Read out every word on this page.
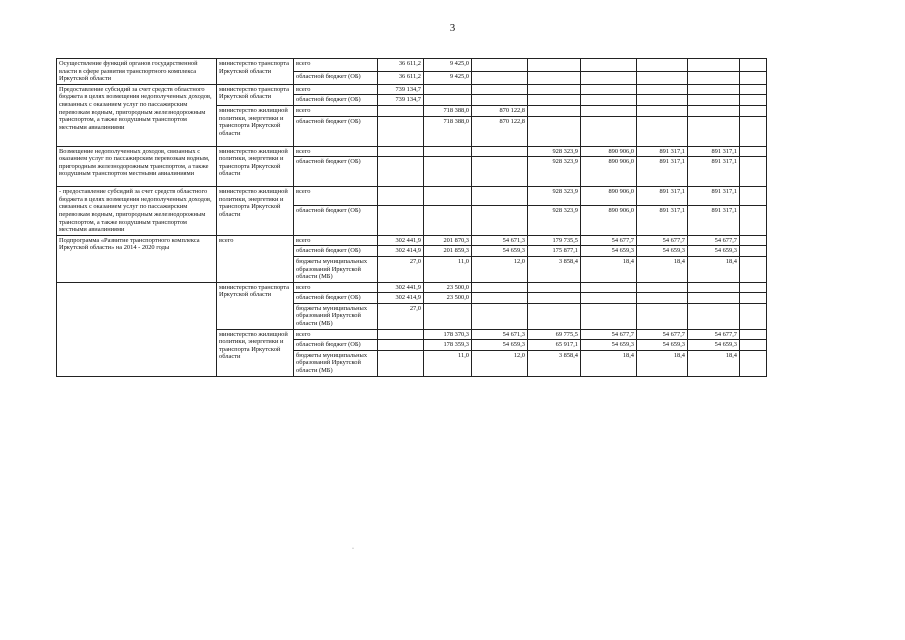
3
Осуществление функций органов государственной власти в сфере развития транспортного комплекса Иркутской области	министерство транспорта Иркутской области	всего	36 611,2	9 425,0						
		областной бюджет (ОБ)	36 611,2	9 425,0						
Предоставление субсидий за счет средств областного бюджета в целях возмещения недополученных доходов, связанных с оказанием услуг по пассажирским перевозкам водным, пригородным железнодорожным транспортом, а также воздушным транспортом местными авиалиниями	министерство транспорта Иркутской области	всего	739 134,7							
		областной бюджет (ОБ)	739 134,7							
	министерство жилищной политики, энергетики и транспорта Иркутской области	всего		718 388,0	870 122,8					
		областной бюджет (ОБ)		718 388,0	870 122,8					
Возмещение недополученных доходов, связанных с оказанием услуг по пассажирским перевозкам водным, пригородным железнодорожным транспортом, а также воздушным транспортом местными авиалиниями	министерство жилищной политики, энергетики и транспорта Иркутской области	всего				928 323,9	890 906,0	891 317,1	891 317,1	
		областной бюджет (ОБ)				928 323,9	890 906,0	891 317,1	891 317,1	
- предоставление субсидий за счет средств областного бюджета в целях возмещения недополученных доходов, связанных с оказанием услуг по пассажирским перевозкам водным, пригородным железнодорожным транспортом, а также воздушным транспортом местными авиалиниями	министерство жилищной политики, энергетики и транспорта Иркутской области	всего				928 323,9	890 906,0	891 317,1	891 317,1	
		областной бюджет (ОБ)				928 323,9	890 906,0	891 317,1	891 317,1	
Подпрограмма «Развитие транспортного комплекса Иркутской области» на 2014 - 2020 годы	всего	всего	302 441,9	201 870,3	54 671,3	179 735,5	54 677,7	54 677,7	54 677,7	
		областной бюджет (ОБ)	302 414,9	201 859,3	54 659,3	175 877,1	54 659,3	54 659,3	54 659,3	
		бюджеты муниципальных образований Иркутской области (МБ)	27,0	11,0	12,0	3 858,4	18,4	18,4	18,4	
	министерство транспорта Иркутской области	всего	302 441,9	23 500,0						
		областной бюджет (ОБ)	302 414,9	23 500,0						
		бюджеты муниципальных образований Иркутской области (МБ)	27,0							
	министерство жилищной политики, энергетики и транспорта Иркутской области	всего		178 370,3	54 671,3	69 775,5	54 677,7	54 677,7	54 677,7	
		областной бюджет (ОБ)		178 359,3	54 659,3	65 917,1	54 659,3	54 659,3	54 659,3	
		бюджеты муниципальных образований Иркутской области (МБ)		11,0	12,0	3 858,4	18,4	18,4	18,4	
·
